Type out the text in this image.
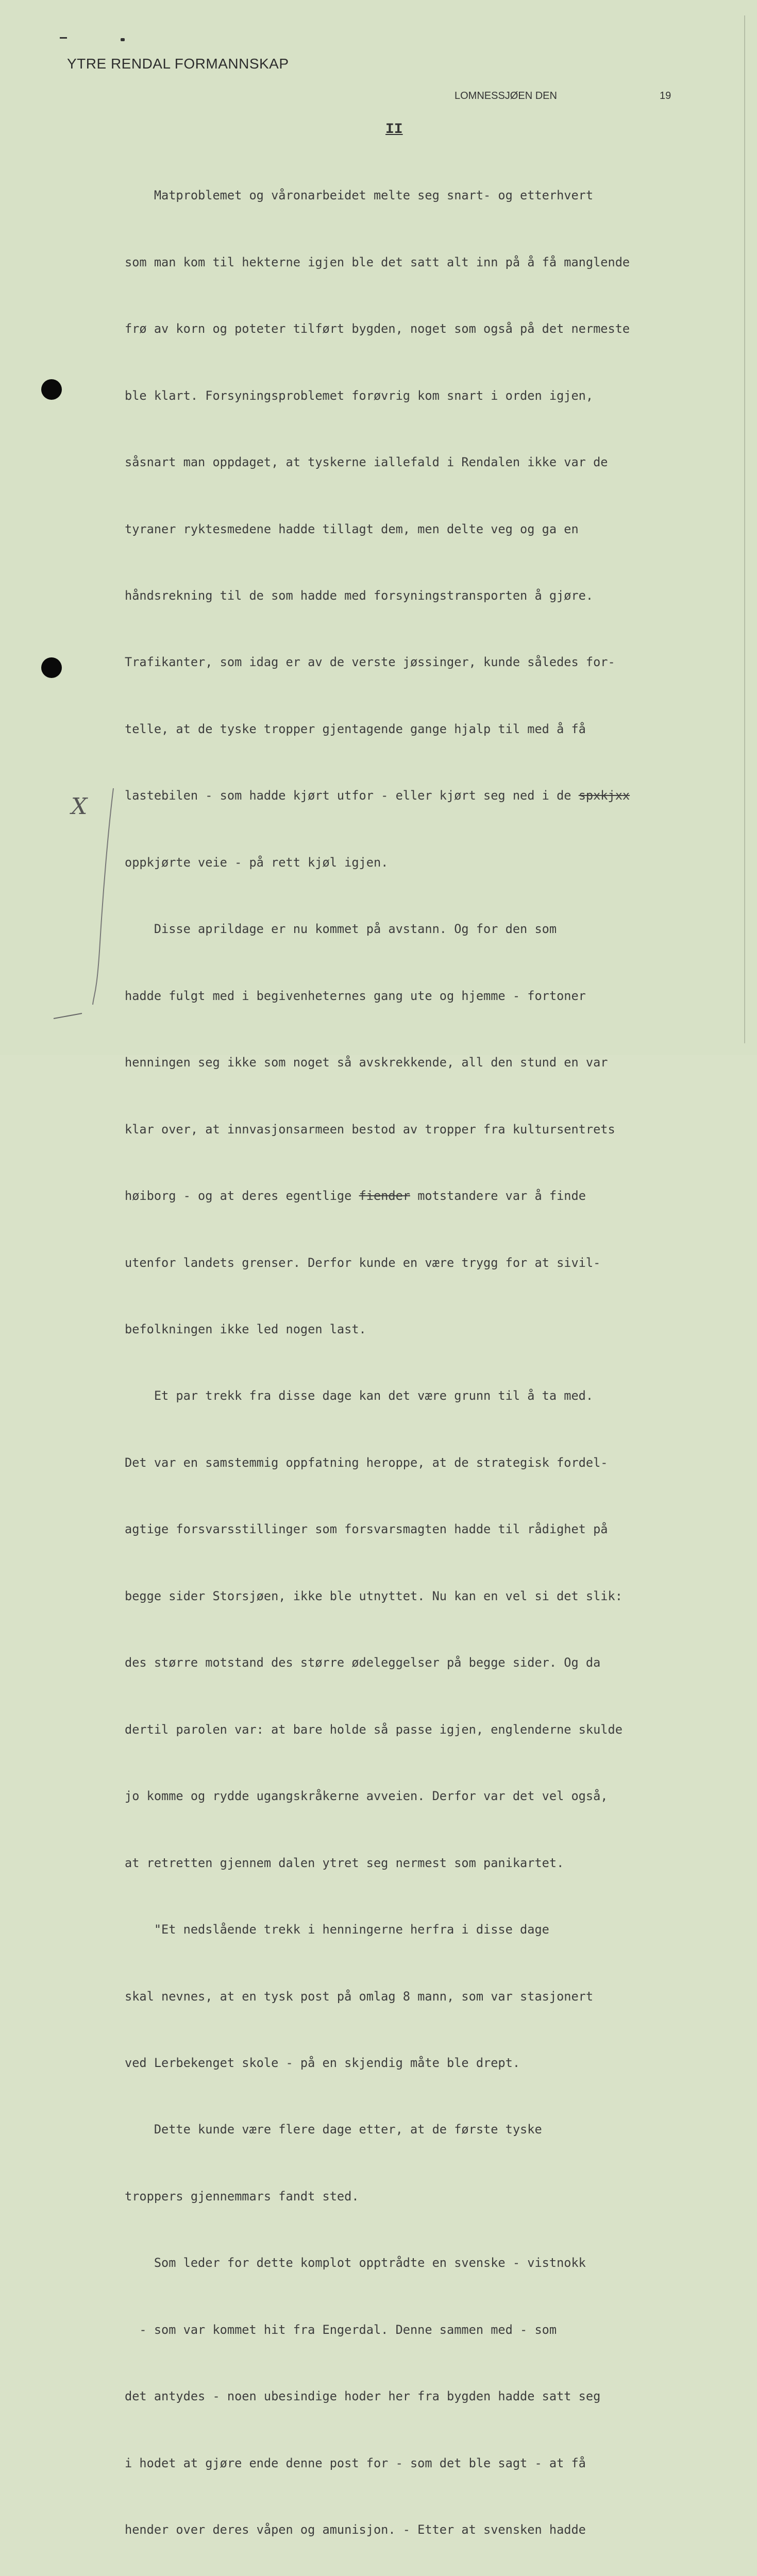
YTRE RENDAL FORMANNSKAP
LOMNESSJØEN DEN	19
II
X

Matproblemet og våronarbeidet melte seg snart- og etterhvert

som man kom til hekterne igjen ble det satt alt inn på å få manglende

frø av korn og poteter tilført bygden, noget som også på det nermeste

ble klart. Forsyningsproblemet forøvrig kom snart i orden igjen,

såsnart man oppdaget, at tyskerne iallefald i Rendalen ikke var de

tyraner ryktesmedene hadde tillagt dem, men delte veg og ga en

håndsrekning til de som hadde med forsyningstransporten å gjøre.

Trafikanter, som idag er av de verste jøssinger, kunde således for-

telle, at de tyske tropper gjentagende gange hjalp til med å få

lastebilen - som hadde kjørt utfor - eller kjørt seg ned i de spxkjxx

oppkjørte veie - på rett kjøl igjen.

Disse aprildage er nu kommet på avstann. Og for den som

hadde fulgt med i begivenheternes gang ute og hjemme - fortoner

henningen seg ikke som noget så avskrekkende, all den stund en var

klar over, at innvasjonsarmeen bestod av tropper fra kultursentrets

høiborg - og at deres egentlige fiender motstandere var å finde

utenfor landets grenser. Derfor kunde en være trygg for at sivil-

befolkningen ikke led nogen last.

Et par trekk fra disse dage kan det være grunn til å ta med.

Det var en samstemmig oppfatning heroppe, at de strategisk fordel-

agtige forsvarsstillinger som forsvarsmagten hadde til rådighet på

begge sider Storsjøen, ikke ble utnyttet. Nu kan en vel si det slik:

des større motstand des større ødeleggelser på begge sider. Og da

dertil parolen var: at bare holde så passe igjen, englenderne skulde

jo komme og rydde ugangskråkerne avveien. Derfor var det vel også,

at retretten gjennem dalen ytret seg nermest som panikartet.

"Et nedslående trekk i henningerne herfra i disse dage

skal nevnes, at en tysk post på omlag 8 mann, som var stasjonert

ved Lerbekenget skole - på en skjendig måte ble drept.

Dette kunde være flere dage etter, at de første tyske

troppers gjennemmars fandt sted.

Som leder for dette komplot opptrådte en svenske - vistnokk

- som var kommet hit fra Engerdal. Denne sammen med - som

det antydes - noen ubesindige hoder her fra bygden hadde satt seg

i hodet at gjøre ende denne post for - som det ble sagt - at få

hender over deres våpen og amunisjon. - Etter at svensken hadde
